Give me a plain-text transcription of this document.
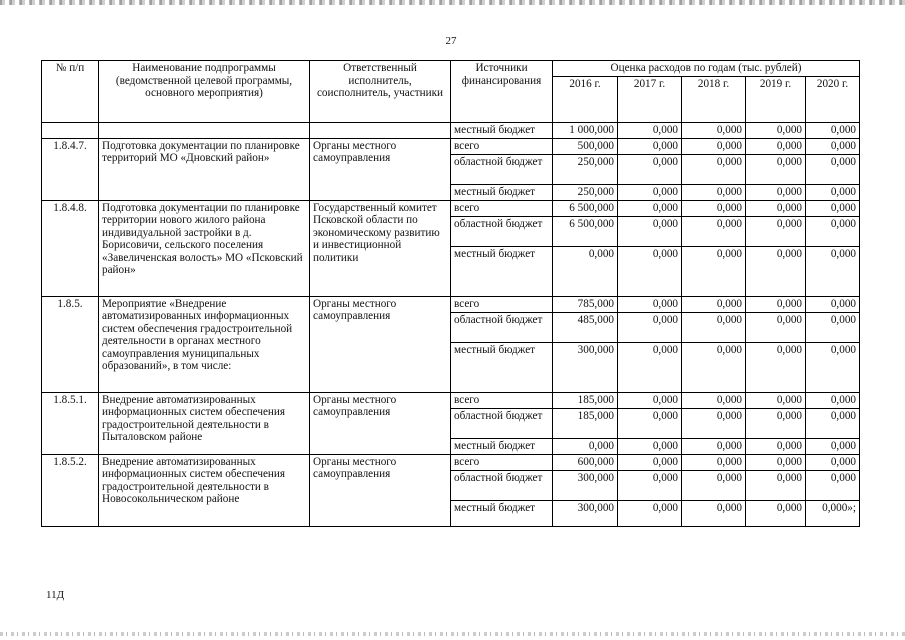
27
№ п/п	Наименование подпрограммы (ведомственной целевой программы, основного мероприятия)	Ответственный исполнитель, соисполнитель, участники	Источники финансирования	Оценка расходов по годам (тыс. рублей)				
				2016 г.	2017 г.	2018 г.	2019 г.	2020 г.
			местный бюджет	1 000,000	0,000	0,000	0,000	0,000
1.8.4.7.	Подготовка документации по планировке территорий МО «Дновский район»	Органы местного самоуправления	всего	500,000	0,000	0,000	0,000	0,000
			областной бюджет	250,000	0,000	0,000	0,000	0,000
			местный бюджет	250,000	0,000	0,000	0,000	0,000
1.8.4.8.	Подготовка документации по планировке территории нового жилого района индивидуальной застройки в д. Борисовичи, сельского поселения «Завеличенская волость» МО «Псковский район»	Государственный комитет Псковской области по экономическому развитию и инвестиционной политики	всего	6 500,000	0,000	0,000	0,000	0,000
			областной бюджет	6 500,000	0,000	0,000	0,000	0,000
			местный бюджет	0,000	0,000	0,000	0,000	0,000
1.8.5.	Мероприятие «Внедрение автоматизированных информационных систем обеспечения градостроительной деятельности в органах местного самоуправления муниципальных образований», в том числе:	Органы местного самоуправления	всего	785,000	0,000	0,000	0,000	0,000
			областной бюджет	485,000	0,000	0,000	0,000	0,000
			местный бюджет	300,000	0,000	0,000	0,000	0,000
1.8.5.1.	Внедрение автоматизированных информационных систем обеспечения градостроительной деятельности в Пыталовском районе	Органы местного самоуправления	всего	185,000	0,000	0,000	0,000	0,000
			областной бюджет	185,000	0,000	0,000	0,000	0,000
			местный бюджет	0,000	0,000	0,000	0,000	0,000
1.8.5.2.	Внедрение автоматизированных информационных систем обеспечения градостроительной деятельности в Новосокольническом районе	Органы местного самоуправления	всего	600,000	0,000	0,000	0,000	0,000
			областной бюджет	300,000	0,000	0,000	0,000	0,000
			местный бюджет	300,000	0,000	0,000	0,000	0,000»;
11Д
